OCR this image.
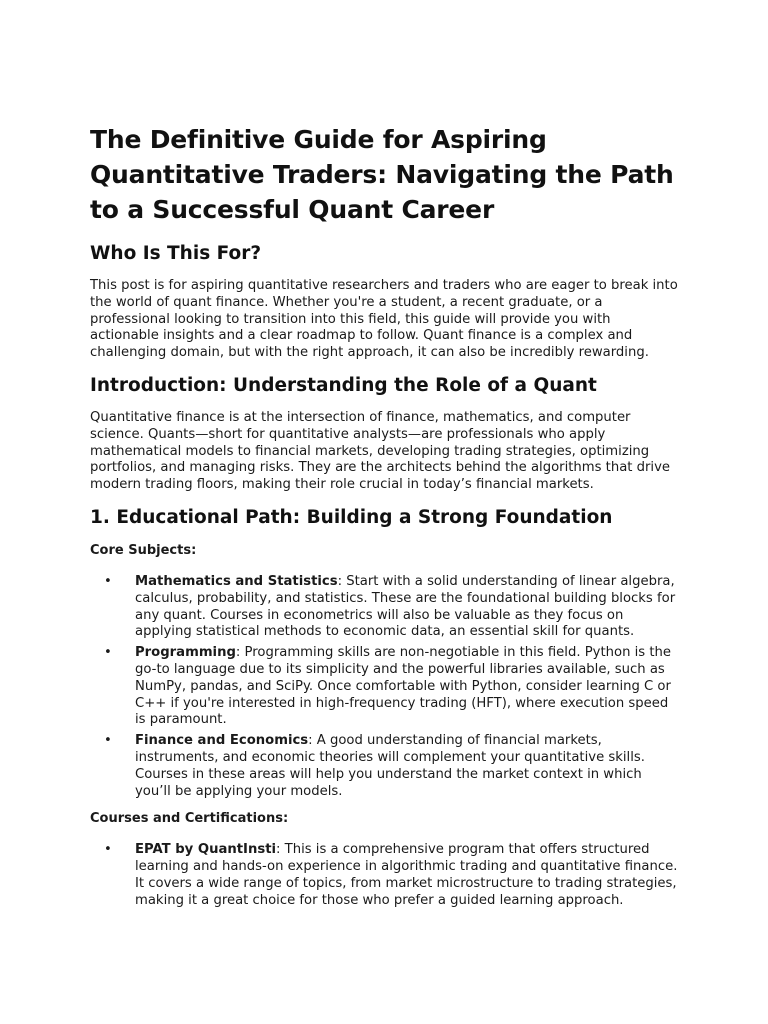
The Definitive Guide for Aspiring Quantitative Traders: Navigating the Path to a Successful Quant Career
Who Is This For?

This post is for aspiring quantitative researchers and traders who are eager to break into the world of quant finance. Whether you're a student, a recent graduate, or a professional looking to transition into this field, this guide will provide you with actionable insights and a clear roadmap to follow. Quant finance is a complex and challenging domain, but with the right approach, it can also be incredibly rewarding.

Introduction: Understanding the Role of a Quant

Quantitative finance is at the intersection of finance, mathematics, and computer science. Quants—short for quantitative analysts—are professionals who apply mathematical models to financial markets, developing trading strategies, optimizing portfolios, and managing risks. They are the architects behind the algorithms that drive modern trading floors, making their role crucial in today’s financial markets.

1. Educational Path: Building a Strong Foundation
Core Subjects:
• Mathematics and Statistics: Start with a solid understanding of linear algebra, calculus, probability, and statistics. These are the foundational building blocks for any quant. Courses in econometrics will also be valuable as they focus on applying statistical methods to economic data, an essential skill for quants.
• Programming: Programming skills are non-negotiable in this field. Python is the go-to language due to its simplicity and the powerful libraries available, such as NumPy, pandas, and SciPy. Once comfortable with Python, consider learning C or C++ if you're interested in high-frequency trading (HFT), where execution speed is paramount.
• Finance and Economics: A good understanding of financial markets, instruments, and economic theories will complement your quantitative skills. Courses in these areas will help you understand the market context in which you’ll be applying your models.
Courses and Certifications:
• EPAT by QuantInsti: This is a comprehensive program that offers structured learning and hands-on experience in algorithmic trading and quantitative finance. It covers a wide range of topics, from market microstructure to trading strategies, making it a great choice for those who prefer a guided learning approach.
